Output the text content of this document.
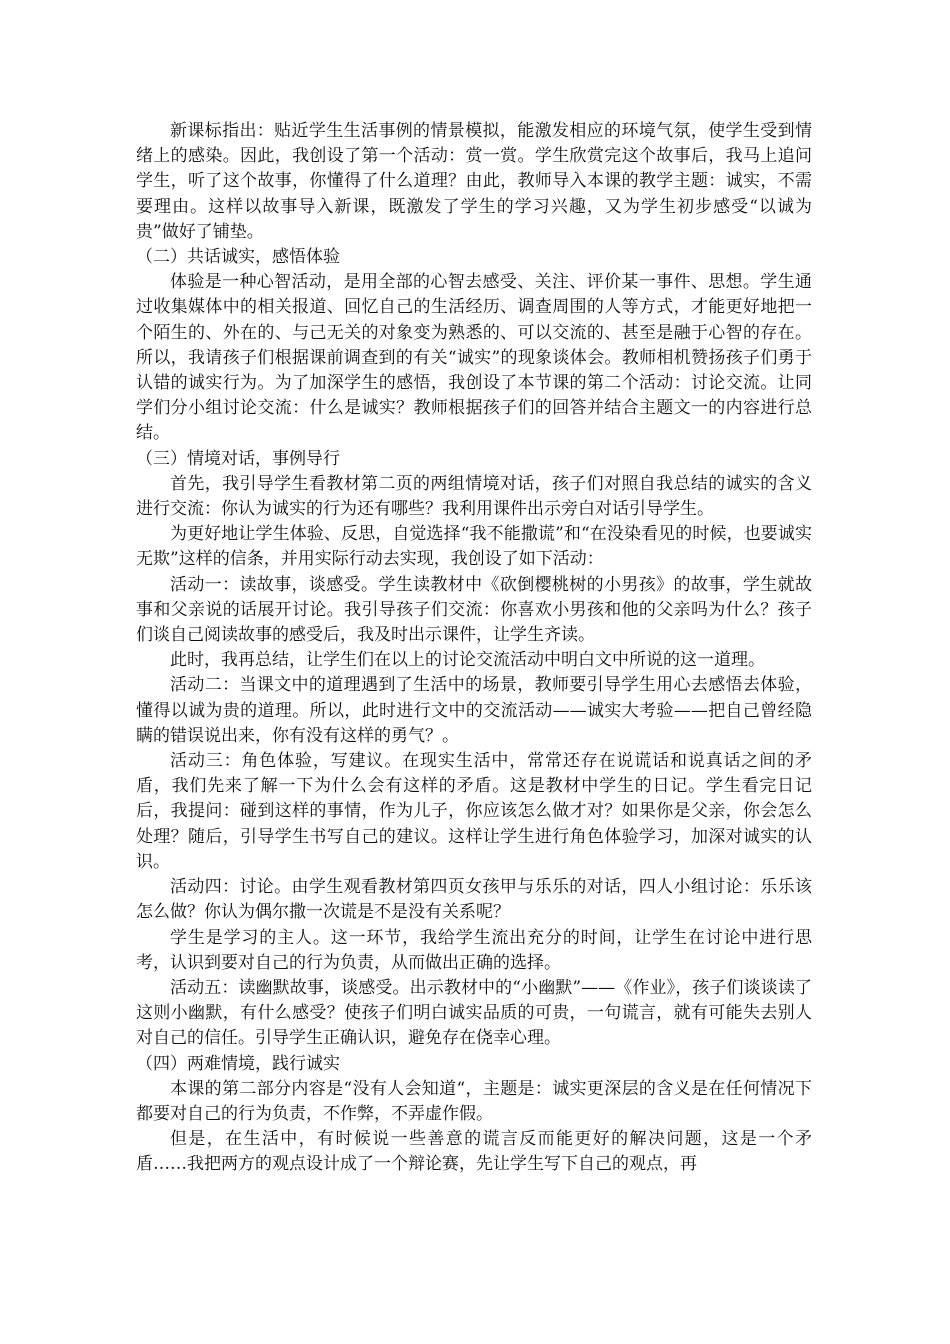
新课标指出：贴近学生生活事例的情景模拟，能激发相应的环境气氛，使学生受到情绪上的感染。因此，我创设了第一个活动：赏一赏。学生欣赏完这个故事后，我马上追问学生，听了这个故事，你懂得了什么道理？由此，教师导入本课的教学主题：诚实，不需要理由。这样以故事导入新课，既激发了学生的学习兴趣，又为学生初步感受“以诚为贵”做好了铺垫。

（二）共话诚实，感悟体验

体验是一种心智活动，是用全部的心智去感受、关注、评价某一事件、思想。学生通过收集媒体中的相关报道、回忆自己的生活经历、调查周围的人等方式，才能更好地把一个陌生的、外在的、与己无关的对象变为熟悉的、可以交流的、甚至是融于心智的存在。所以，我请孩子们根据课前调查到的有关“诚实”的现象谈体会。教师相机赞扬孩子们勇于认错的诚实行为。为了加深学生的感悟，我创设了本节课的第二个活动：讨论交流。让同学们分小组讨论交流：什么是诚实？教师根据孩子们的回答并结合主题文一的内容进行总结。

（三）情境对话，事例导行

首先，我引导学生看教材第二页的两组情境对话，孩子们对照自我总结的诚实的含义进行交流：你认为诚实的行为还有哪些？我利用课件出示旁白对话引导学生。

为更好地让学生体验、反思，自觉选择“我不能撒谎”和“在没染看见的时候，也要诚实无欺”这样的信条，并用实际行动去实现，我创设了如下活动：

活动一：读故事，谈感受。学生读教材中《砍倒樱桃树的小男孩》的故事，学生就故事和父亲说的话展开讨论。我引导孩子们交流：你喜欢小男孩和他的父亲吗为什么？孩子们谈自己阅读故事的感受后，我及时出示课件，让学生齐读。

此时，我再总结，让学生们在以上的讨论交流活动中明白文中所说的这一道理。

活动二：当课文中的道理遇到了生活中的场景，教师要引导学生用心去感悟去体验，懂得以诚为贵的道理。所以，此时进行文中的交流活动——诚实大考验——把自己曾经隐瞒的错误说出来，你有没有这样的勇气？。

活动三：角色体验，写建议。在现实生活中，常常还存在说谎话和说真话之间的矛盾，我们先来了解一下为什么会有这样的矛盾。这是教材中学生的日记。学生看完日记后，我提问：碰到这样的事情，作为儿子，你应该怎么做才对？如果你是父亲，你会怎么处理？随后，引导学生书写自己的建议。这样让学生进行角色体验学习，加深对诚实的认识。

活动四：讨论。由学生观看教材第四页女孩甲与乐乐的对话，四人小组讨论：乐乐该怎么做？你认为偶尔撒一次谎是不是没有关系呢？

学生是学习的主人。这一环节，我给学生流出充分的时间，让学生在讨论中进行思考，认识到要对自己的行为负责，从而做出正确的选择。

活动五：读幽默故事，谈感受。出示教材中的“小幽默”——《作业》，孩子们谈谈读了这则小幽默，有什么感受？使孩子们明白诚实品质的可贵，一句谎言，就有可能失去别人对自己的信任。引导学生正确认识，避免存在侥幸心理。

（四）两难情境，践行诚实

本课的第二部分内容是“没有人会知道“，主题是：诚实更深层的含义是在任何情况下都要对自己的行为负责，不作弊，不弄虚作假。

但是，在生活中，有时候说一些善意的谎言反而能更好的解决问题，这是一个矛盾……我把两方的观点设计成了一个辩论赛，先让学生写下自己的观点，再
